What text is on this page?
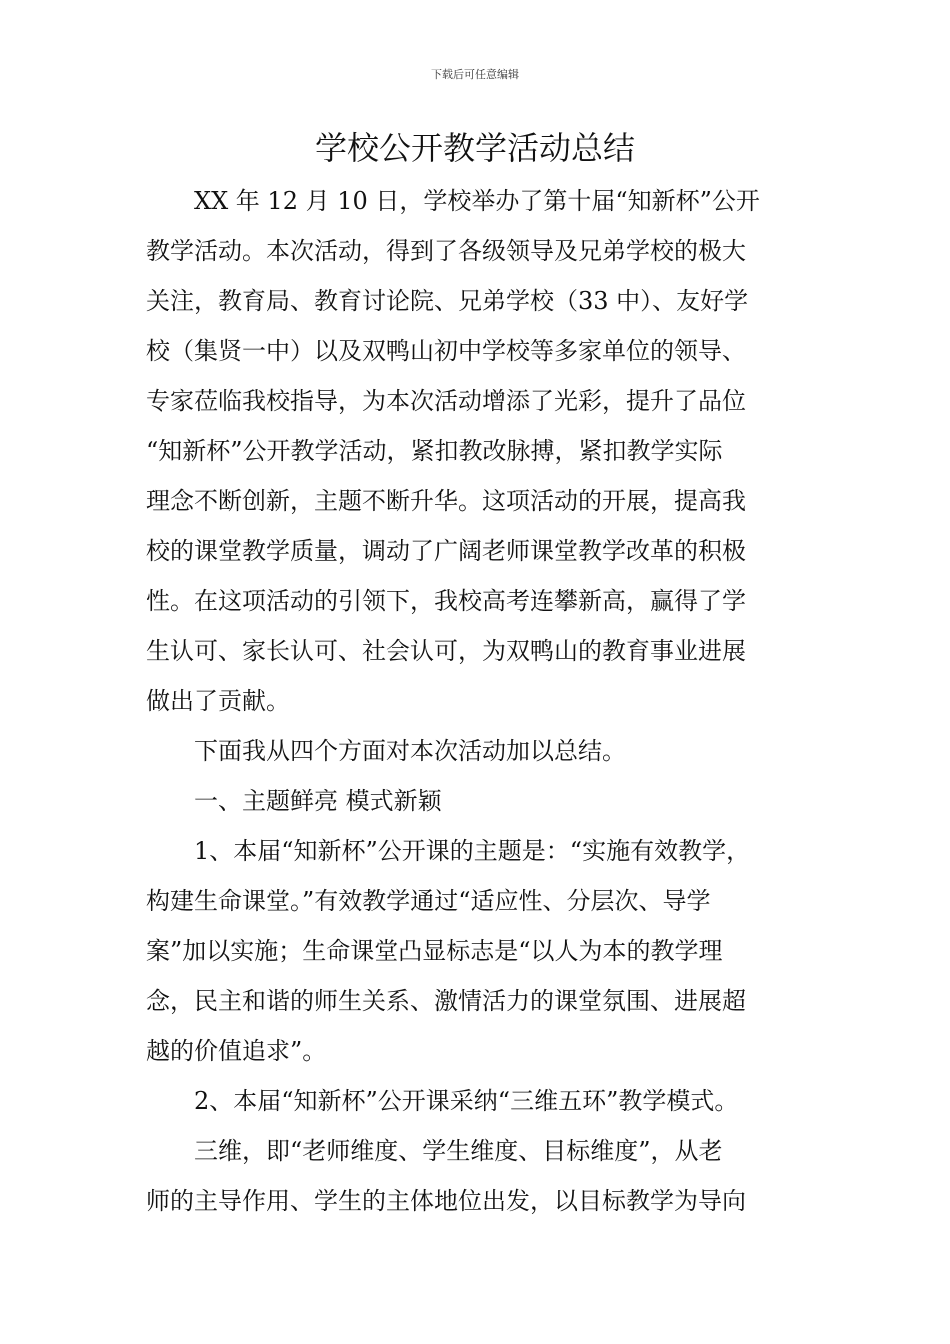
下载后可任意编辑
学校公开教学活动总结
　　XX 年 12 月 10 日，学校举办了第十届“知新杯”公开
教学活动。本次活动，得到了各级领导及兄弟学校的极大
关注，教育局、教育讨论院、兄弟学校（33 中）、友好学
校（集贤一中）以及双鸭山初中学校等多家单位的领导、
专家莅临我校指导，为本次活动增添了光彩，提升了品位
“知新杯”公开教学活动，紧扣教改脉搏，紧扣教学实际
理念不断创新，主题不断升华。这项活动的开展，提高我
校的课堂教学质量，调动了广阔老师课堂教学改革的积极
性。在这项活动的引领下，我校高考连攀新高，赢得了学
生认可、家长认可、社会认可，为双鸭山的教育事业进展
做出了贡献。
　　下面我从四个方面对本次活动加以总结。
　　一、主题鲜亮 模式新颖
　　1、本届“知新杯”公开课的主题是：“实施有效教学，
构建生命课堂。”有效教学通过“适应性、分层次、导学
案”加以实施；生命课堂凸显标志是“以人为本的教学理
念，民主和谐的师生关系、激情活力的课堂氛围、进展超
越的价值追求”。
　　2、本届“知新杯”公开课采纳“三维五环”教学模式。
　　三维，即“老师维度、学生维度、目标维度”，从老
师的主导作用、学生的主体地位出发，以目标教学为导向
